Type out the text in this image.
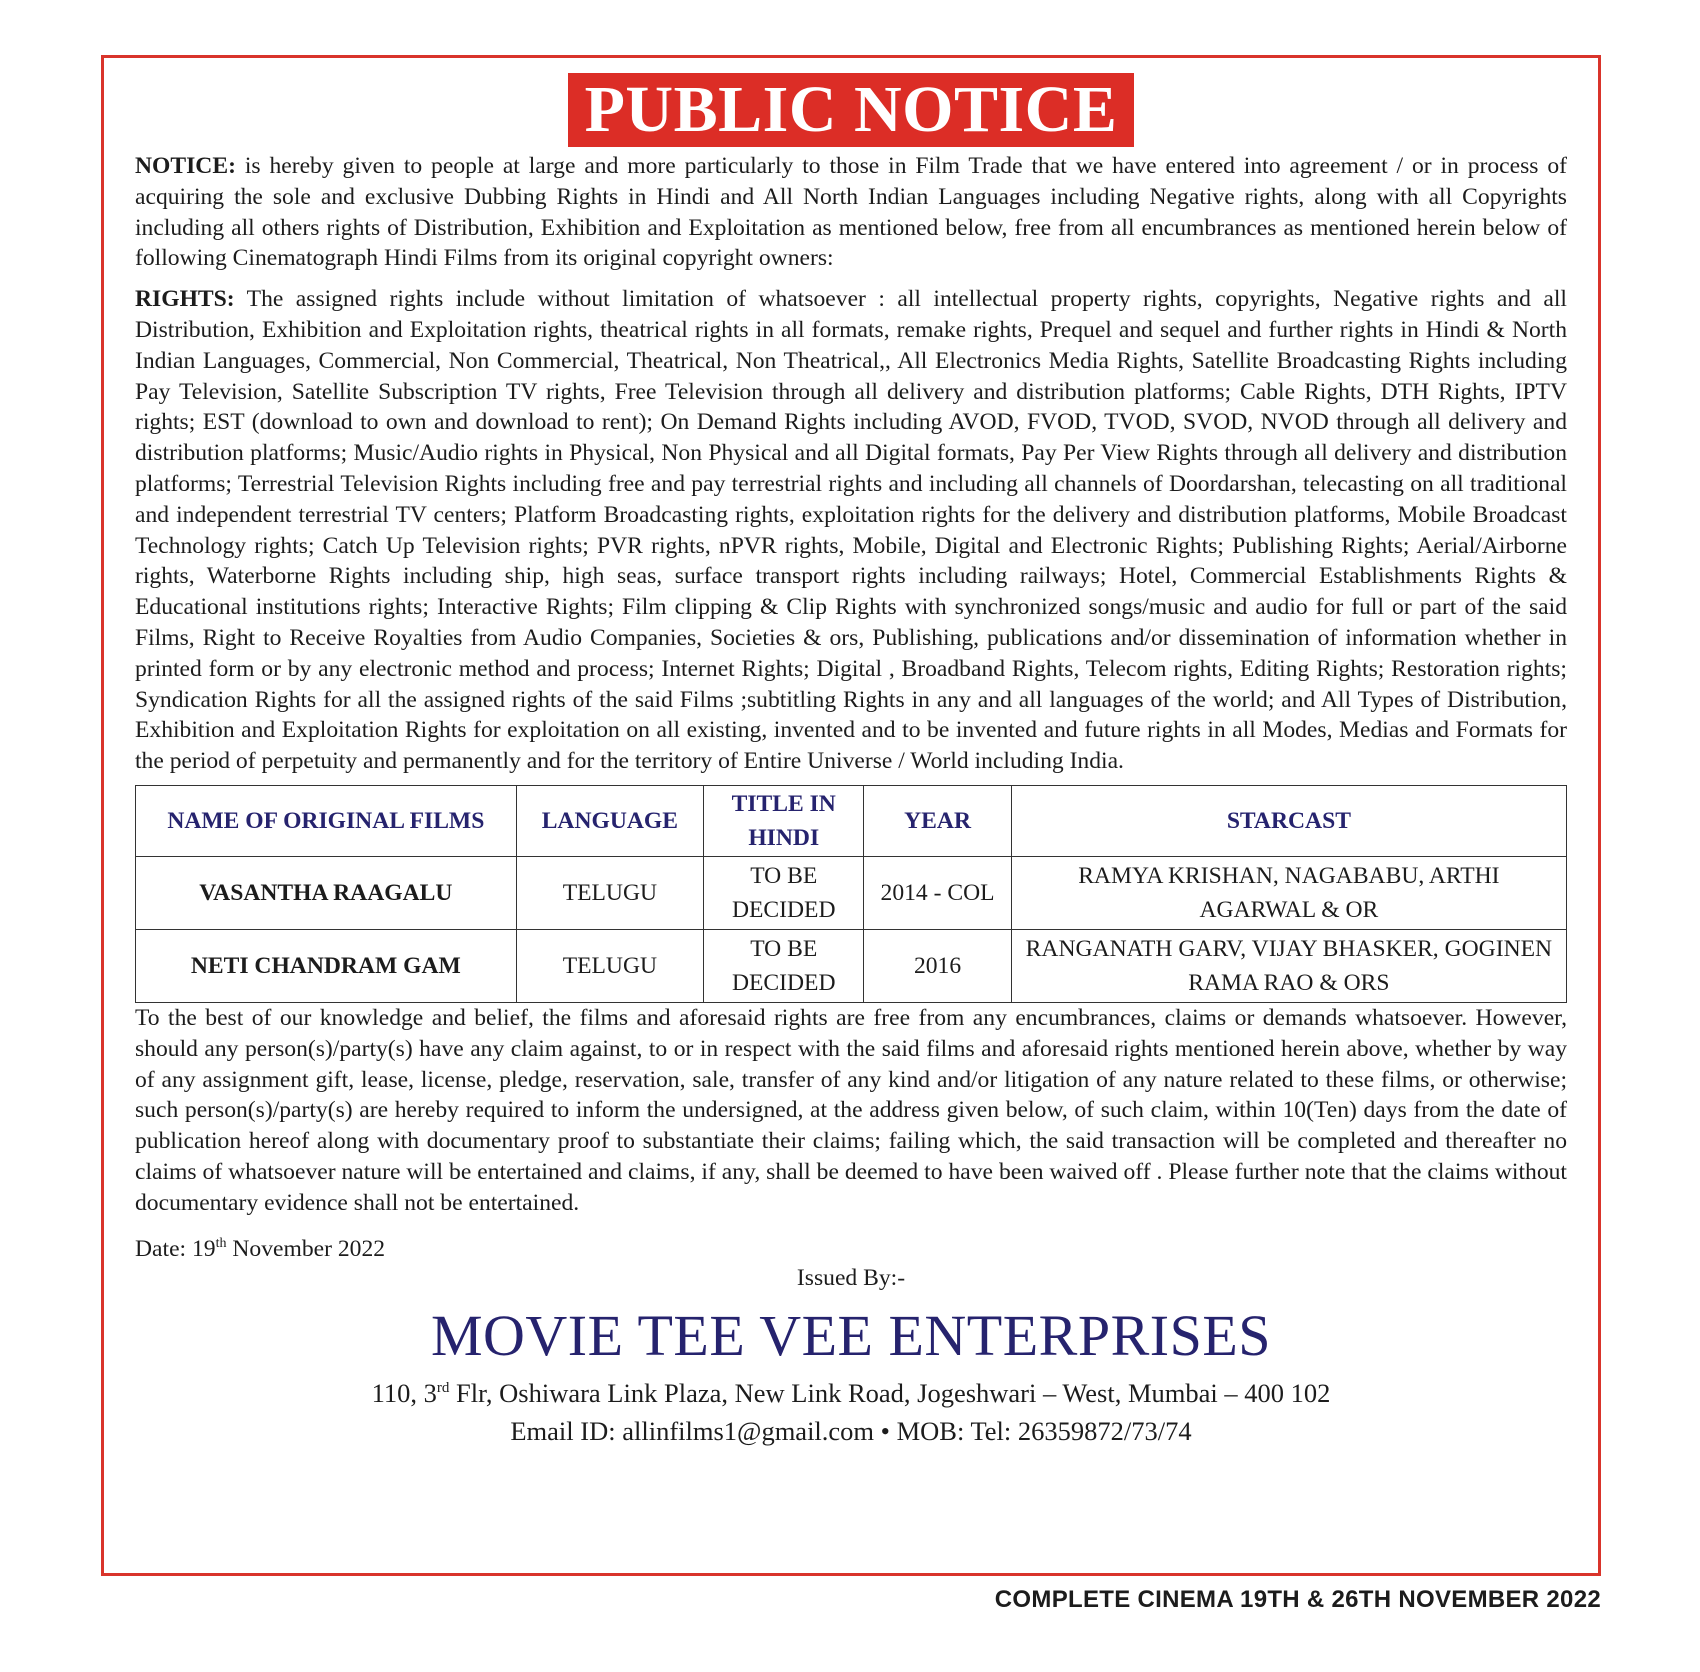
PUBLIC NOTICE

NOTICE: is hereby given to people at large and more particularly to those in Film Trade that we have entered into agreement / or in process of acquiring the sole and exclusive Dubbing Rights in Hindi and All North Indian Languages including Negative rights, along with all Copyrights including all others rights of Distribution, Exhibition and Exploitation as mentioned below, free from all encumbrances as mentioned herein below of following Cinematograph Hindi Films from its original copyright owners:

RIGHTS: The assigned rights include without limitation of whatsoever : all intellectual property rights, copyrights, Negative rights and all Distribution, Exhibition and Exploitation rights, theatrical rights in all formats, remake rights, Prequel and sequel and further rights in Hindi & North Indian Languages, Commercial, Non Commercial, Theatrical, Non Theatrical,, All Electronics Media Rights, Satellite Broadcasting Rights including Pay Television, Satellite Subscription TV rights, Free Television through all delivery and distribution platforms; Cable Rights, DTH Rights, IPTV rights; EST (download to own and download to rent); On Demand Rights including AVOD, FVOD, TVOD, SVOD, NVOD through all delivery and distribution platforms; Music/Audio rights in Physical, Non Physical and all Digital formats, Pay Per View Rights through all delivery and distribution platforms; Terrestrial Television Rights including free and pay terrestrial rights and including all channels of Doordarshan, telecasting on all traditional and independent terrestrial TV centers; Platform Broadcasting rights, exploitation rights for the delivery and distribution platforms, Mobile Broadcast Technology rights; Catch Up Television rights; PVR rights, nPVR rights, Mobile, Digital and Electronic Rights; Publishing Rights; Aerial/Airborne rights, Waterborne Rights including ship, high seas, surface transport rights including railways; Hotel, Commercial Establishments Rights & Educational institutions rights; Interactive Rights; Film clipping & Clip Rights with synchronized songs/music and audio for full or part of the said Films, Right to Receive Royalties from Audio Companies, Societies & ors, Publishing, publications and/or dissemination of information whether in printed form or by any electronic method and process; Internet Rights; Digital , Broadband Rights, Telecom rights, Editing Rights; Restoration rights; Syndication Rights for all the assigned rights of the said Films ;subtitling Rights in any and all languages of the world; and All Types of Distribution, Exhibition and Exploitation Rights for exploitation on all existing, invented and to be invented and future rights in all Modes, Medias and Formats for the period of perpetuity and permanently and for the territory of Entire Universe / World including India.

NAME OF ORIGINAL FILMS	LANGUAGE	TITLE IN HINDI	YEAR	STARCAST
VASANTHA RAAGALU	TELUGU	TO BE DECIDED	2014 - COL	RAMYA KRISHAN, NAGABABU, ARTHI AGARWAL & OR
NETI CHANDRAM GAM	TELUGU	TO BE DECIDED	2016	RANGANATH GARV, VIJAY BHASKER, GOGINEN RAMA RAO & ORS

To the best of our knowledge and belief, the films and aforesaid rights are free from any encumbrances, claims or demands whatsoever. However, should any person(s)/party(s) have any claim against, to or in respect with the said films and aforesaid rights mentioned herein above, whether by way of any assignment gift, lease, license, pledge, reservation, sale, transfer of any kind and/or litigation of any nature related to these films, or otherwise; such person(s)/party(s) are hereby required to inform the undersigned, at the address given below, of such claim, within 10(Ten) days from the date of publication hereof along with documentary proof to substantiate their claims; failing which, the said transaction will be completed and thereafter no claims of whatsoever nature will be entertained and claims, if any, shall be deemed to have been waived off . Please further note that the claims without documentary evidence shall not be entertained.

Date: 19th November 2022
Issued By:-
MOVIE TEE VEE ENTERPRISES
110, 3rd Flr, Oshiwara Link Plaza, New Link Road, Jogeshwari – West, Mumbai – 400 102
Email ID: allinfilms1@gmail.com • MOB: Tel: 26359872/73/74
COMPLETE CINEMA 19TH & 26TH NOVEMBER 2022
